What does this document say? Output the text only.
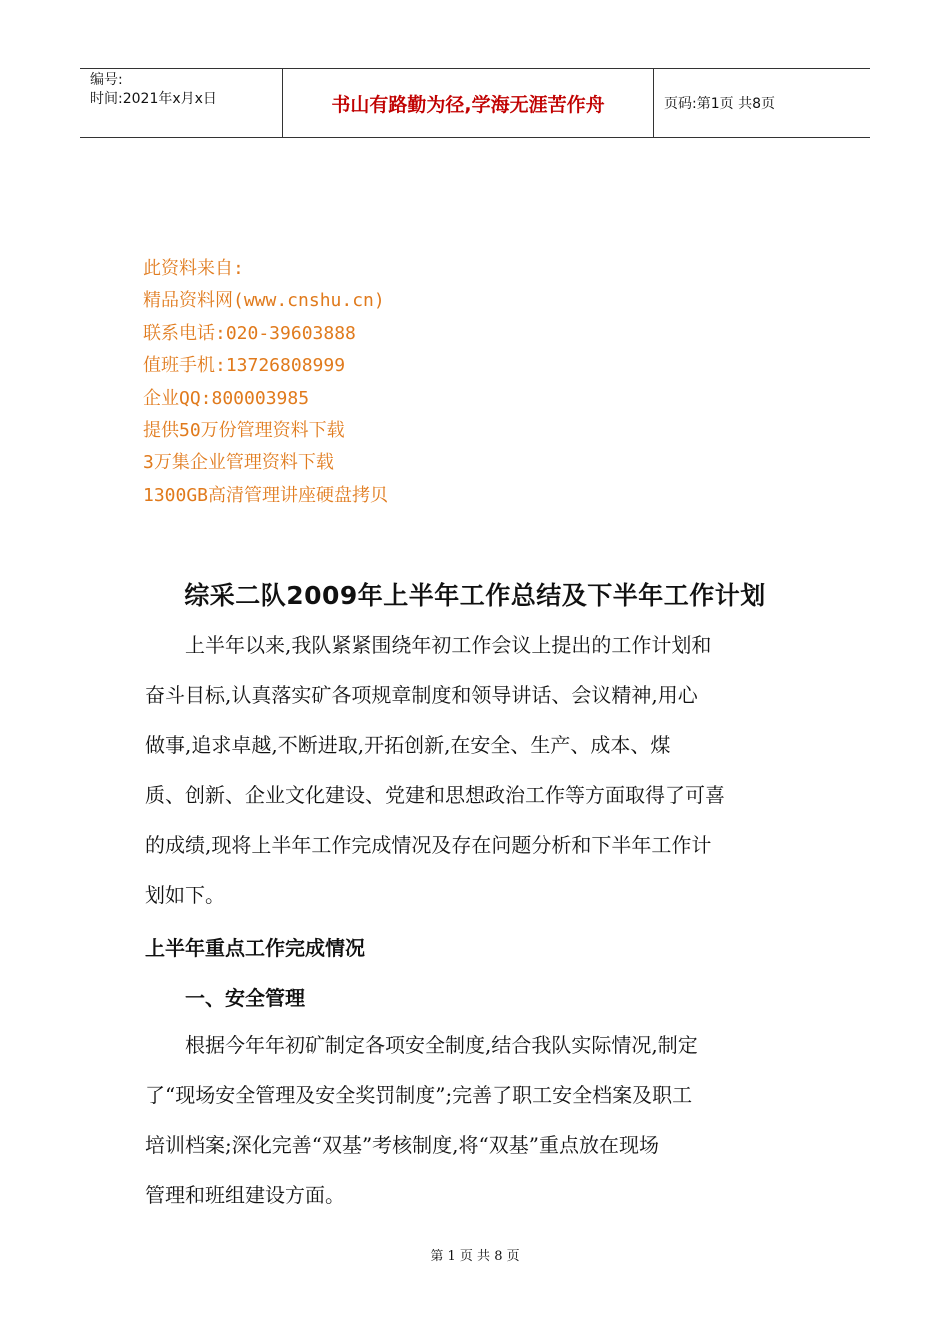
编号:
时间:2021年x月x日	书山有路勤为径,学海无涯苦作舟	页码:第1页 共8页
此资料来自:
精品资料网(www.cnshu.cn)
联系电话:020-39603888
值班手机:13726808999
企业QQ:800003985
提供50万份管理资料下载
3万集企业管理资料下载
1300GB高清管理讲座硬盘拷贝
综采二队2009年上半年工作总结及下半年工作计划
　　上半年以来,我队紧紧围绕年初工作会议上提出的工作计划和
奋斗目标,认真落实矿各项规章制度和领导讲话、会议精神,用心
做事,追求卓越,不断进取,开拓创新,在安全、生产、成本、煤
质、创新、企业文化建设、党建和思想政治工作等方面取得了可喜
的成绩,现将上半年工作完成情况及存在问题分析和下半年工作计
划如下。
上半年重点工作完成情况
　　一、安全管理
　　根据今年年初矿制定各项安全制度,结合我队实际情况,制定
了“现场安全管理及安全奖罚制度”;完善了职工安全档案及职工
培训档案;深化完善“双基”考核制度,将“双基”重点放在现场
管理和班组建设方面。
第 1 页 共 8 页
